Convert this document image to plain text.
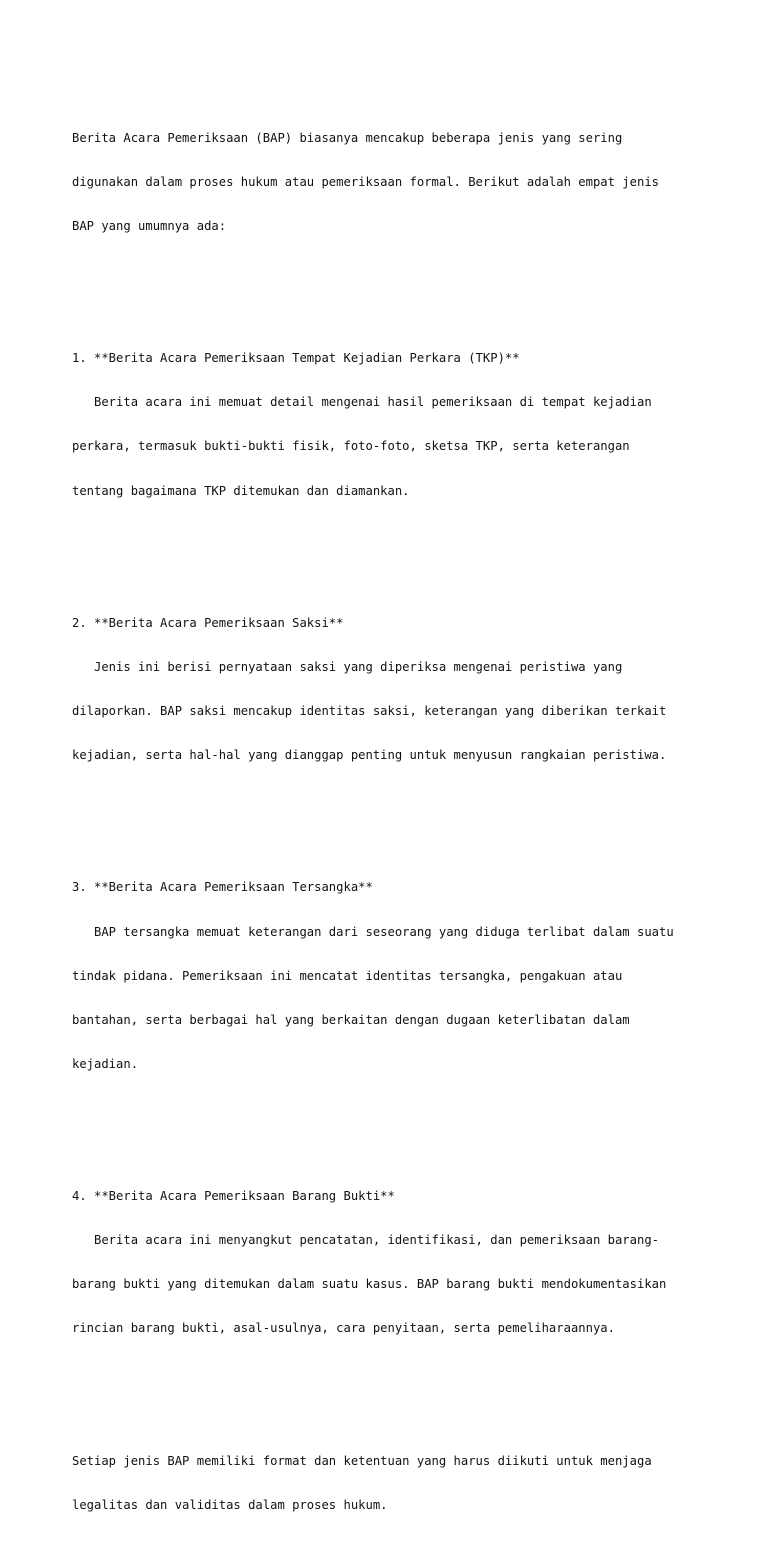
Berita Acara Pemeriksaan (BAP) biasanya mencakup beberapa jenis yang sering

digunakan dalam proses hukum atau pemeriksaan formal. Berikut adalah empat jenis

BAP yang umumnya ada:

1. **Berita Acara Pemeriksaan Tempat Kejadian Perkara (TKP)**

Berita acara ini memuat detail mengenai hasil pemeriksaan di tempat kejadian

perkara, termasuk bukti-bukti fisik, foto-foto, sketsa TKP, serta keterangan

tentang bagaimana TKP ditemukan dan diamankan.

2. **Berita Acara Pemeriksaan Saksi**

Jenis ini berisi pernyataan saksi yang diperiksa mengenai peristiwa yang

dilaporkan. BAP saksi mencakup identitas saksi, keterangan yang diberikan terkait

kejadian, serta hal-hal yang dianggap penting untuk menyusun rangkaian peristiwa.

3. **Berita Acara Pemeriksaan Tersangka**

BAP tersangka memuat keterangan dari seseorang yang diduga terlibat dalam suatu

tindak pidana. Pemeriksaan ini mencatat identitas tersangka, pengakuan atau

bantahan, serta berbagai hal yang berkaitan dengan dugaan keterlibatan dalam

kejadian.

4. **Berita Acara Pemeriksaan Barang Bukti**

Berita acara ini menyangkut pencatatan, identifikasi, dan pemeriksaan barang-

barang bukti yang ditemukan dalam suatu kasus. BAP barang bukti mendokumentasikan

rincian barang bukti, asal-usulnya, cara penyitaan, serta pemeliharaannya.

Setiap jenis BAP memiliki format dan ketentuan yang harus diikuti untuk menjaga

legalitas dan validitas dalam proses hukum.
